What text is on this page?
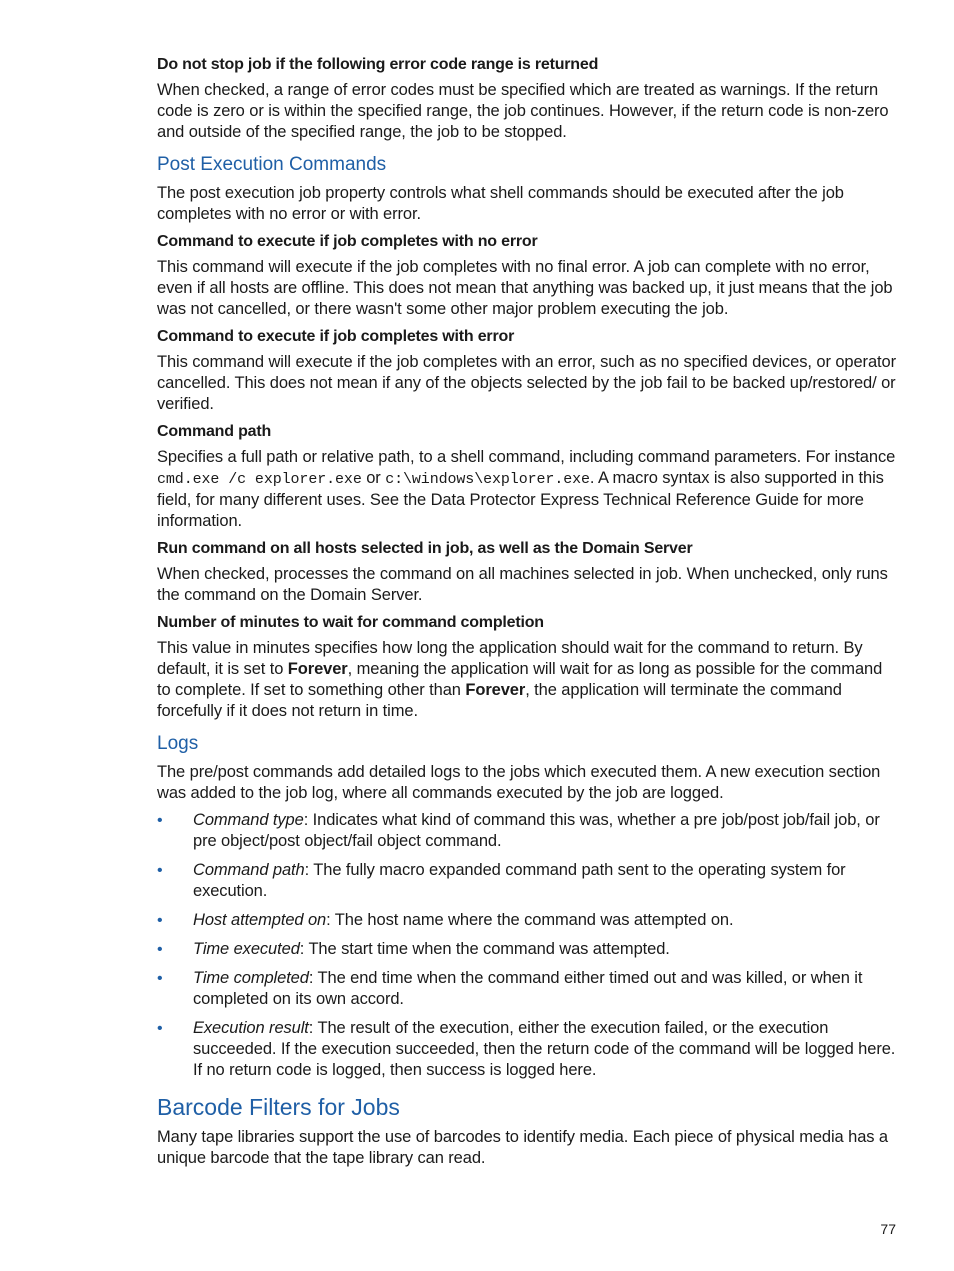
Do not stop job if the following error code range is returned

When checked, a range of error codes must be specified which are treated as warnings. If the return code is zero or is within the specified range, the job continues. However, if the return code is non-zero and outside of the specified range, the job to be stopped.

Post Execution Commands

The post execution job property controls what shell commands should be executed after the job completes with no error or with error.

Command to execute if job completes with no error

This command will execute if the job completes with no final error. A job can complete with no error, even if all hosts are offline. This does not mean that anything was backed up, it just means that the job was not cancelled, or there wasn't some other major problem executing the job.

Command to execute if job completes with error

This command will execute if the job completes with an error, such as no specified devices, or operator cancelled. This does not mean if any of the objects selected by the job fail to be backed up/restored/ or verified.

Command path

Specifies a full path or relative path, to a shell command, including command parameters. For instance cmd.exe /c explorer.exe or c:\windows\explorer.exe. A macro syntax is also supported in this field, for many different uses. See the Data Protector Express Technical Reference Guide for more information.

Run command on all hosts selected in job, as well as the Domain Server

When checked, processes the command on all machines selected in job. When unchecked, only runs the command on the Domain Server.

Number of minutes to wait for command completion

This value in minutes specifies how long the application should wait for the command to return. By default, it is set to Forever, meaning the application will wait for as long as possible for the command to complete. If set to something other than Forever, the application will terminate the command forcefully if it does not return in time.

Logs

The pre/post commands add detailed logs to the jobs which executed them. A new execution section was added to the job log, where all commands executed by the job are logged.

• Command type: Indicates what kind of command this was, whether a pre job/post job/fail job, or pre object/post object/fail object command.
• Command path: The fully macro expanded command path sent to the operating system for execution.
• Host attempted on: The host name where the command was attempted on.
• Time executed: The start time when the command was attempted.
• Time completed: The end time when the command either timed out and was killed, or when it completed on its own accord.
• Execution result: The result of the execution, either the execution failed, or the execution succeeded. If the execution succeeded, then the return code of the command will be logged here. If no return code is logged, then success is logged here.
Barcode Filters for Jobs

Many tape libraries support the use of barcodes to identify media. Each piece of physical media has a unique barcode that the tape library can read.

77
